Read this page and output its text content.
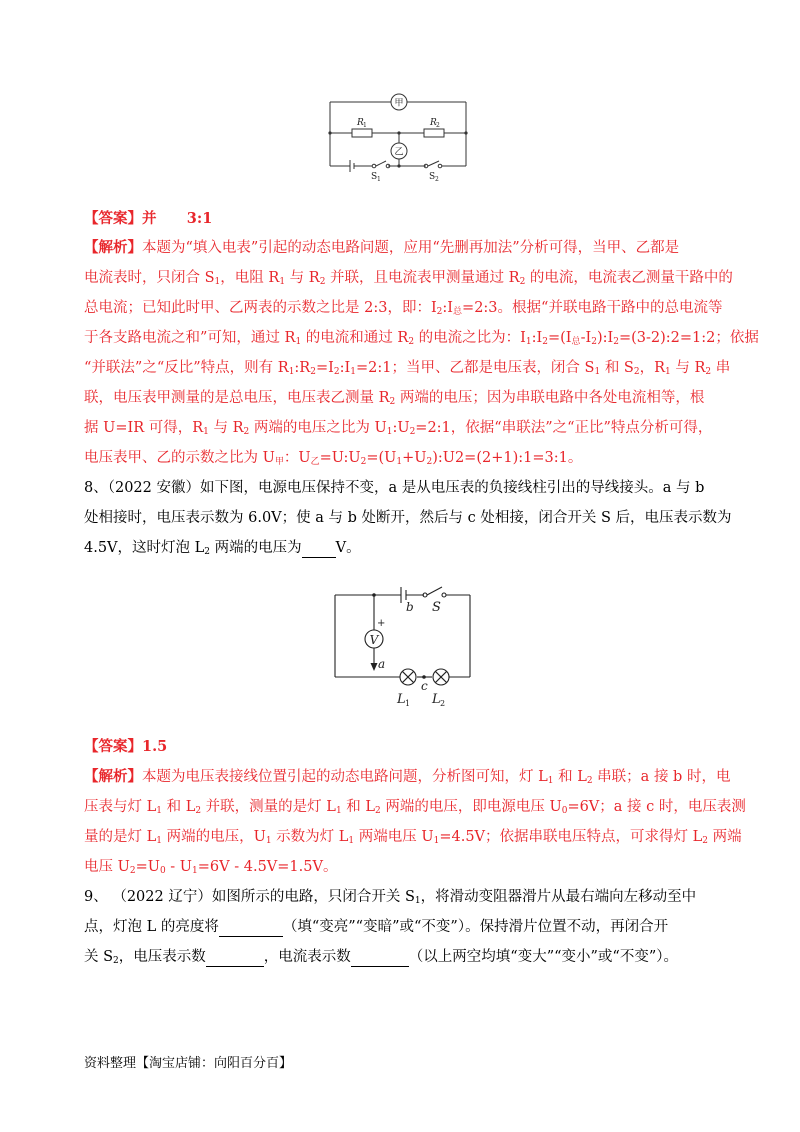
甲
乙
R 1	R 2
S 1	S 2
【答案】并      3:1
【解析】本题为“填入电表”引起的动态电路问题，应用“先删再加法”分析可得，当甲、乙都是
电流表时，只闭合 $S_1$，电阻 $R_1$ 与 $R_2$ 并联，且电流表甲测量通过 $R_2$ 的电流，电流表乙测量干路中的
总电流；已知此时甲、乙两表的示数之比是 2:3，即：$I_2:I_总=2:3$。根据“并联电路干路中的总电流等
于各支路电流之和”可知，通过 $R_1$ 的电流和通过 $R_2$ 的电流之比为：$I_1:I_2=(I_总-I_2):I_2=(3-2):2=1:2$；依据
“并联法”之“反比”特点，则有 $R_1:R_2=I_2:I_1=2:1$；当甲、乙都是电压表，闭合 $S_1$ 和 $S_2$，$R_1$ 与 $R_2$ 串
联，电压表甲测量的是总电压，电压表乙测量 $R_2$ 两端的电压；因为串联电路中各处电流相等，根
据 U=IR 可得，$R_1$ 与 $R_2$ 两端的电压之比为 $U_1:U_2=2:1$，依据“串联法”之“正比”特点分析可得，
电压表甲、乙的示数之比为 $U_甲$：$U_乙=U:U_2=(U_1+U_2):U2=(2+1):1=3:1$。
8、（2022 安徽）如下图，电源电压保持不变，a 是从电压表的负接线柱引出的导线接头。a 与 b
处相接时，电压表示数为 6.0V；使 a 与 b 处断开，然后与 c 处相接，闭合开关 S 后，电压表示数为
4.5V，这时灯泡 $L_2$ 两端的电压为 V。
b S
V
+
a
c
L 1 L 2
【答案】1.5
【解析】本题为电压表接线位置引起的动态电路问题，分析图可知，灯 $L_1$ 和 $L_2$ 串联；a 接 b 时，电
压表与灯 $L_1$ 和 $L_2$ 并联，测量的是灯 $L_1$ 和 $L_2$ 两端的电压，即电源电压 $U_0=6V$；a 接 c 时，电压表测
量的是灯 $L_1$ 两端的电压，$U_1$ 示数为灯 $L_1$ 两端电压 $U_1=4.5V$；依据串联电压特点，可求得灯 $L_2$ 两端
电压 $U_2=U_0 - U_1=6V - 4.5V=1.5V$。
9、 （2022 辽宁）如图所示的电路，只闭合开关 $S_1$，将滑动变阻器滑片从最右端向左移动至中
点，灯泡 L 的亮度将	（填“变亮”“变暗”或“不变”）。保持滑片位置不动，再闭合开
关 $S_2$，电压表示数	，电流表示数	（以上两空均填“变大”“变小”或“不变”）。
资料整理【淘宝店铺：向阳百分百】
